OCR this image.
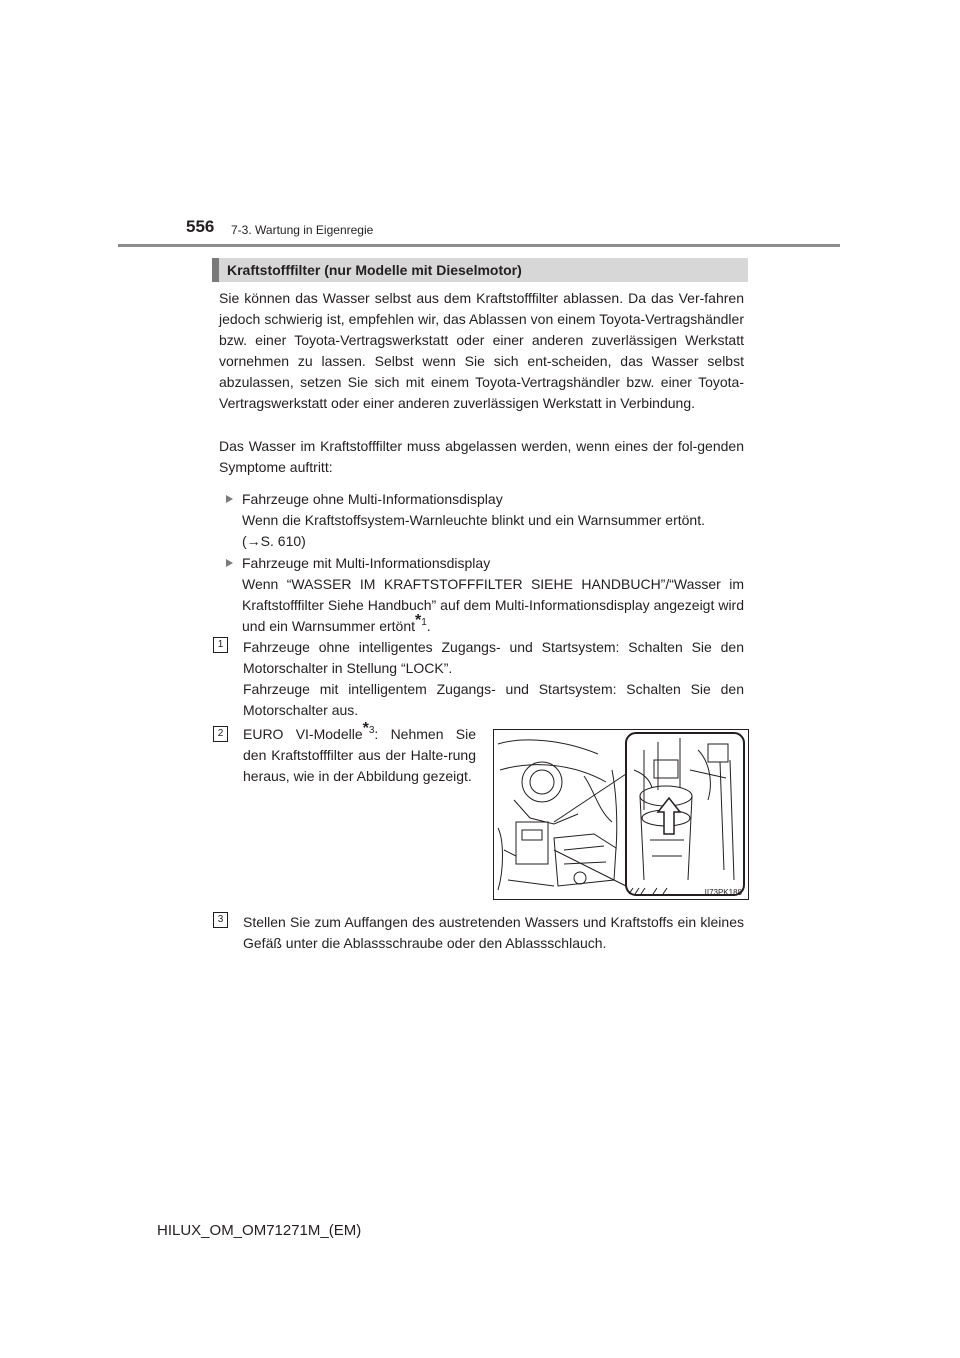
556 7-3. Wartung in Eigenregie
Kraftstofffilter (nur Modelle mit Dieselmotor)
Sie können das Wasser selbst aus dem Kraftstofffilter ablassen. Da das Ver-fahren jedoch schwierig ist, empfehlen wir, das Ablassen von einem Toyota-Vertragshändler bzw. einer Toyota-Vertragswerkstatt oder einer anderen zuverlässigen Werkstatt vornehmen zu lassen. Selbst wenn Sie sich ent-scheiden, das Wasser selbst abzulassen, setzen Sie sich mit einem Toyota-Vertragshändler bzw. einer Toyota-Vertragswerkstatt oder einer anderen zuverlässigen Werkstatt in Verbindung.
Das Wasser im Kraftstofffilter muss abgelassen werden, wenn eines der fol-genden Symptome auftritt:
Fahrzeuge ohne Multi-Informationsdisplay
Wenn die Kraftstoffsystem-Warnleuchte blinkt und ein Warnsummer ertönt.
(→S. 610)
Fahrzeuge mit Multi-Informationsdisplay
Wenn “WASSER IM KRAFTSTOFFFILTER SIEHE HANDBUCH”/“Wasser im Kraftstofffilter Siehe Handbuch” auf dem Multi-Informationsdisplay angezeigt wird und ein Warnsummer ertönt$^{*1}$.
1	Fahrzeuge ohne intelligentes Zugangs- und Startsystem: Schalten Sie den Motorschalter in Stellung “LOCK”.
Fahrzeuge mit intelligentem Zugangs- und Startsystem: Schalten Sie den Motorschalter aus.
2	EURO VI-Modelle$^{*3}$: Nehmen Sie den Kraftstofffilter aus der Halte-rung heraus, wie in der Abbildung gezeigt.
II73PK188
3	Stellen Sie zum Auffangen des austretenden Wassers und Kraftstoffs ein kleines Gefäß unter die Ablassschraube oder den Ablassschlauch.
HILUX_OM_OM71271M_(EM)
